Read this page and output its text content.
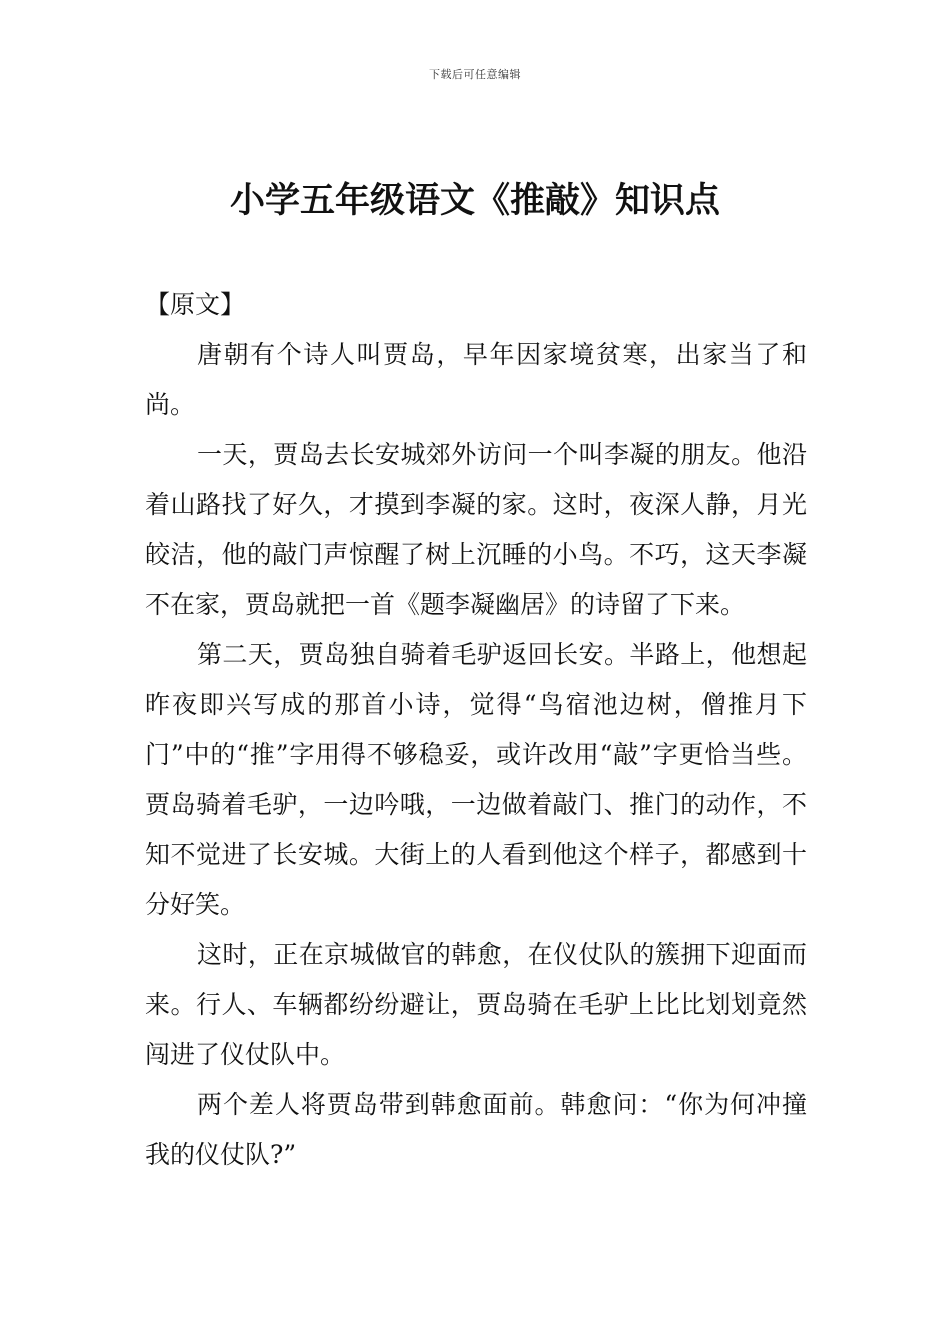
下载后可任意编辑
小学五年级语文《推敲》知识点

【原文】

唐朝有个诗人叫贾岛，早年因家境贫寒，出家当了和尚。

一天，贾岛去长安城郊外访问一个叫李凝的朋友。他沿着山路找了好久，才摸到李凝的家。这时，夜深人静，月光皎洁，他的敲门声惊醒了树上沉睡的小鸟。不巧，这天李凝不在家，贾岛就把一首《题李凝幽居》的诗留了下来。

第二天，贾岛独自骑着毛驴返回长安。半路上，他想起昨夜即兴写成的那首小诗，觉得“鸟宿池边树，僧推月下门”中的“推”字用得不够稳妥，或许改用“敲”字更恰当些。贾岛骑着毛驴，一边吟哦，一边做着敲门、推门的动作，不知不觉进了长安城。大街上的人看到他这个样子，都感到十分好笑。

这时，正在京城做官的韩愈，在仪仗队的簇拥下迎面而来。行人、车辆都纷纷避让，贾岛骑在毛驴上比比划划竟然闯进了仪仗队中。

两个差人将贾岛带到韩愈面前。韩愈问：“你为何冲撞我的仪仗队?”
